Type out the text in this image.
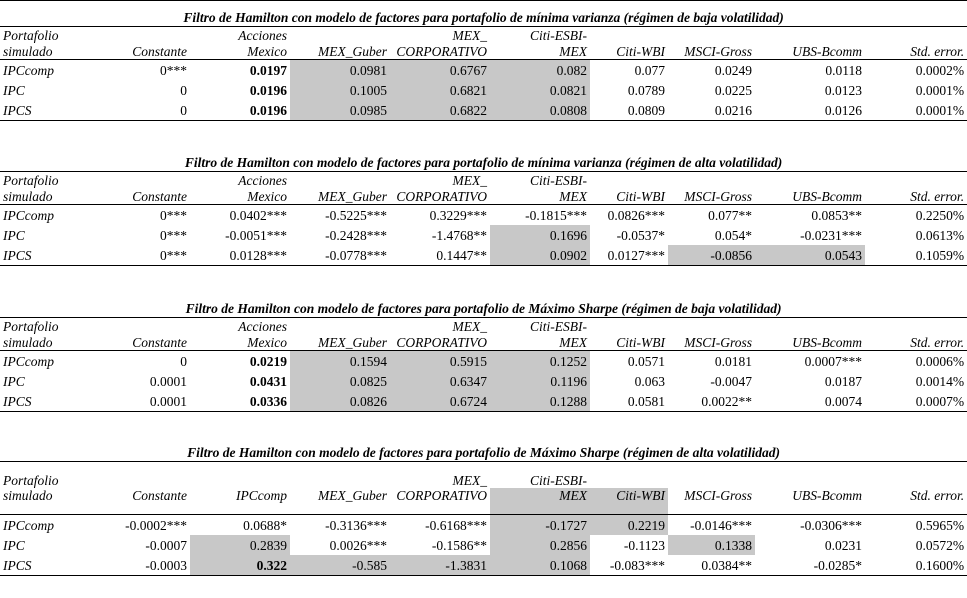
Filtro de Hamilton con modelo de factores para portafolio de mínima varianza (régimen de baja volatilidad)									
Portafolio		Acciones		MEX_	Citi-ESBI-				
simulado	Constante	Mexico	MEX_Guber	CORPORATIVO	MEX	Citi-WBI	MSCI-Gross	UBS-Bcomm	Std. error.
IPCcomp	0***	0.0197	0.0981	0.6767	0.082	0.077	0.0249	0.0118	0.0002%
IPC	0	0.0196	0.1005	0.6821	0.0821	0.0789	0.0225	0.0123	0.0001%
IPCS	0	0.0196	0.0985	0.6822	0.0808	0.0809	0.0216	0.0126	0.0001%
Filtro de Hamilton con modelo de factores para portafolio de mínima varianza (régimen de alta volatilidad)									
Portafolio		Acciones		MEX_	Citi-ESBI-				
simulado	Constante	Mexico	MEX_Guber	CORPORATIVO	MEX	Citi-WBI	MSCI-Gross	UBS-Bcomm	Std. error.
IPCcomp	0***	0.0402***	-0.5225***	0.3229***	-0.1815***	0.0826***	0.077**	0.0853**	0.2250%
IPC	0***	-0.0051***	-0.2428***	-1.4768**	0.1696	-0.0537*	0.054*	-0.0231***	0.0613%
IPCS	0***	0.0128***	-0.0778***	0.1447**	0.0902	0.0127***	-0.0856	0.0543	0.1059%
Filtro de Hamilton con modelo de factores para portafolio de Máximo Sharpe (régimen de baja volatilidad)									
Portafolio		Acciones		MEX_	Citi-ESBI-				
simulado	Constante	Mexico	MEX_Guber	CORPORATIVO	MEX	Citi-WBI	MSCI-Gross	UBS-Bcomm	Std. error.
IPCcomp	0	0.0219	0.1594	0.5915	0.1252	0.0571	0.0181	0.0007***	0.0006%
IPC	0.0001	0.0431	0.0825	0.6347	0.1196	0.063	-0.0047	0.0187	0.0014%
IPCS	0.0001	0.0336	0.0826	0.6724	0.1288	0.0581	0.0022**	0.0074	0.0007%
Filtro de Hamilton con modelo de factores para portafolio de Máximo Sharpe (régimen de alta volatilidad)									
Portafolio				MEX_	Citi-ESBI-				
simulado	Constante	IPCcomp	MEX_Guber	CORPORATIVO	MEX	Citi-WBI	MSCI-Gross	UBS-Bcomm	Std. error.
IPCcomp	-0.0002***	0.0688*	-0.3136***	-0.6168***	-0.1727	0.2219	-0.0146***	-0.0306***	0.5965%
IPC	-0.0007	0.2839	0.0026***	-0.1586**	0.2856	-0.1123	0.1338	0.0231	0.0572%
IPCS	-0.0003	0.322	-0.585	-1.3831	0.1068	-0.083***	0.0384**	-0.0285*	0.1600%
